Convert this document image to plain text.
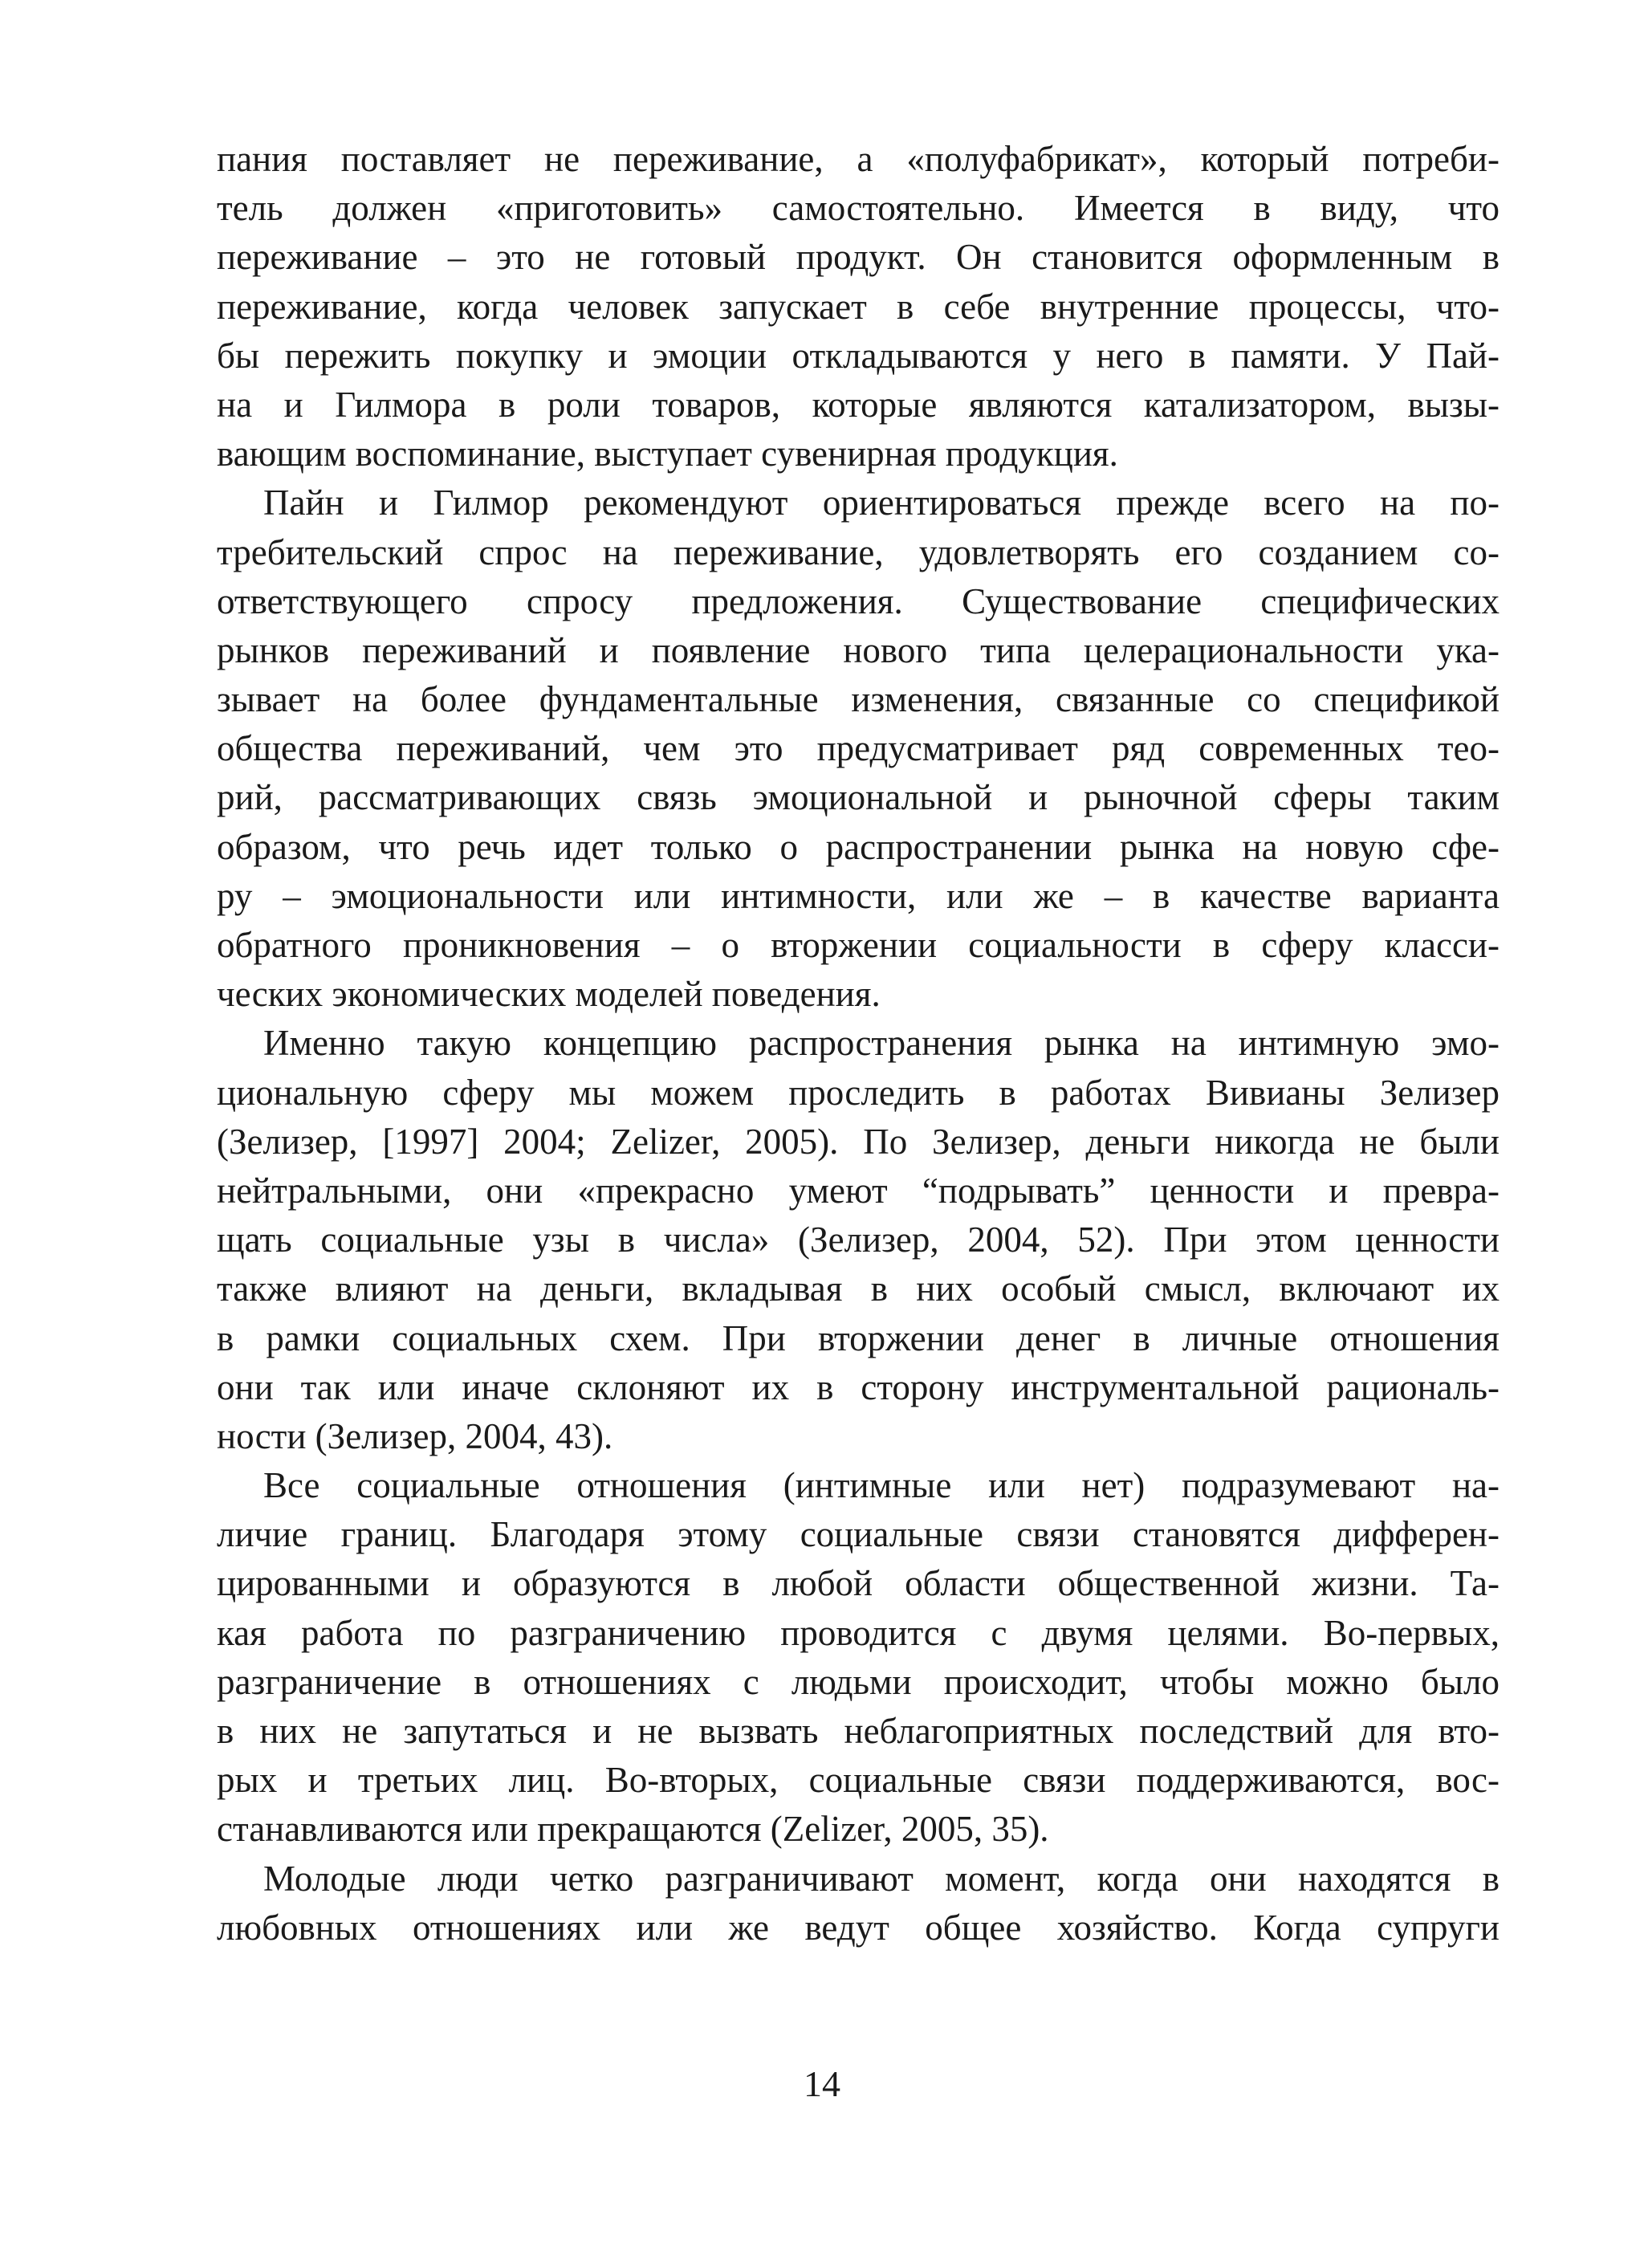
пания поставляет не переживание, а «полуфабрикат», который потреби-
тель должен «приготовить» самостоятельно. Имеется в виду, что
переживание – это не готовый продукт. Он становится оформленным в
переживание, когда человек запускает в себе внутренние процессы, что-
бы пережить покупку и эмоции откладываются у него в памяти. У Пай-
на и Гилмора в роли товаров, которые являются катализатором, вызы-
вающим воспоминание, выступает сувенирная продукция.
Пайн и Гилмор рекомендуют ориентироваться прежде всего на по-
требительский спрос на переживание, удовлетворять его созданием со-
ответствующего спросу предложения. Существование специфических
рынков переживаний и появление нового типа целерациональности ука-
зывает на более фундаментальные изменения, связанные со спецификой
общества переживаний, чем это предусматривает ряд современных тео-
рий, рассматривающих связь эмоциональной и рыночной сферы таким
образом, что речь идет только о распространении рынка на новую сфе-
ру – эмоциональности или интимности, или же – в качестве варианта
обратного проникновения – о вторжении социальности в сферу класси-
ческих экономических моделей поведения.
Именно такую концепцию распространения рынка на интимную эмо-
циональную сферу мы можем проследить в работах Вивианы Зелизер
(Зелизер, [1997] 2004; Zelizer, 2005). По Зелизер, деньги никогда не были
нейтральными, они «прекрасно умеют “подрывать” ценности и превра-
щать социальные узы в числа» (Зелизер, 2004, 52). При этом ценности
также влияют на деньги, вкладывая в них особый смысл, включают их
в рамки социальных схем. При вторжении денег в личные отношения
они так или иначе склоняют их в сторону инструментальной рациональ-
ности (Зелизер, 2004, 43).
Все социальные отношения (интимные или нет) подразумевают на-
личие границ. Благодаря этому социальные связи становятся дифферен-
цированными и образуются в любой области общественной жизни. Та-
кая работа по разграничению проводится с двумя целями. Во-первых,
разграничение в отношениях с людьми происходит, чтобы можно было
в них не запутаться и не вызвать неблагоприятных последствий для вто-
рых и третьих лиц. Во-вторых, социальные связи поддерживаются, вос-
станавливаются или прекращаются (Zelizer, 2005, 35).
Молодые люди четко разграничивают момент, когда они находятся в
любовных отношениях или же ведут общее хозяйство. Когда супруги
14
